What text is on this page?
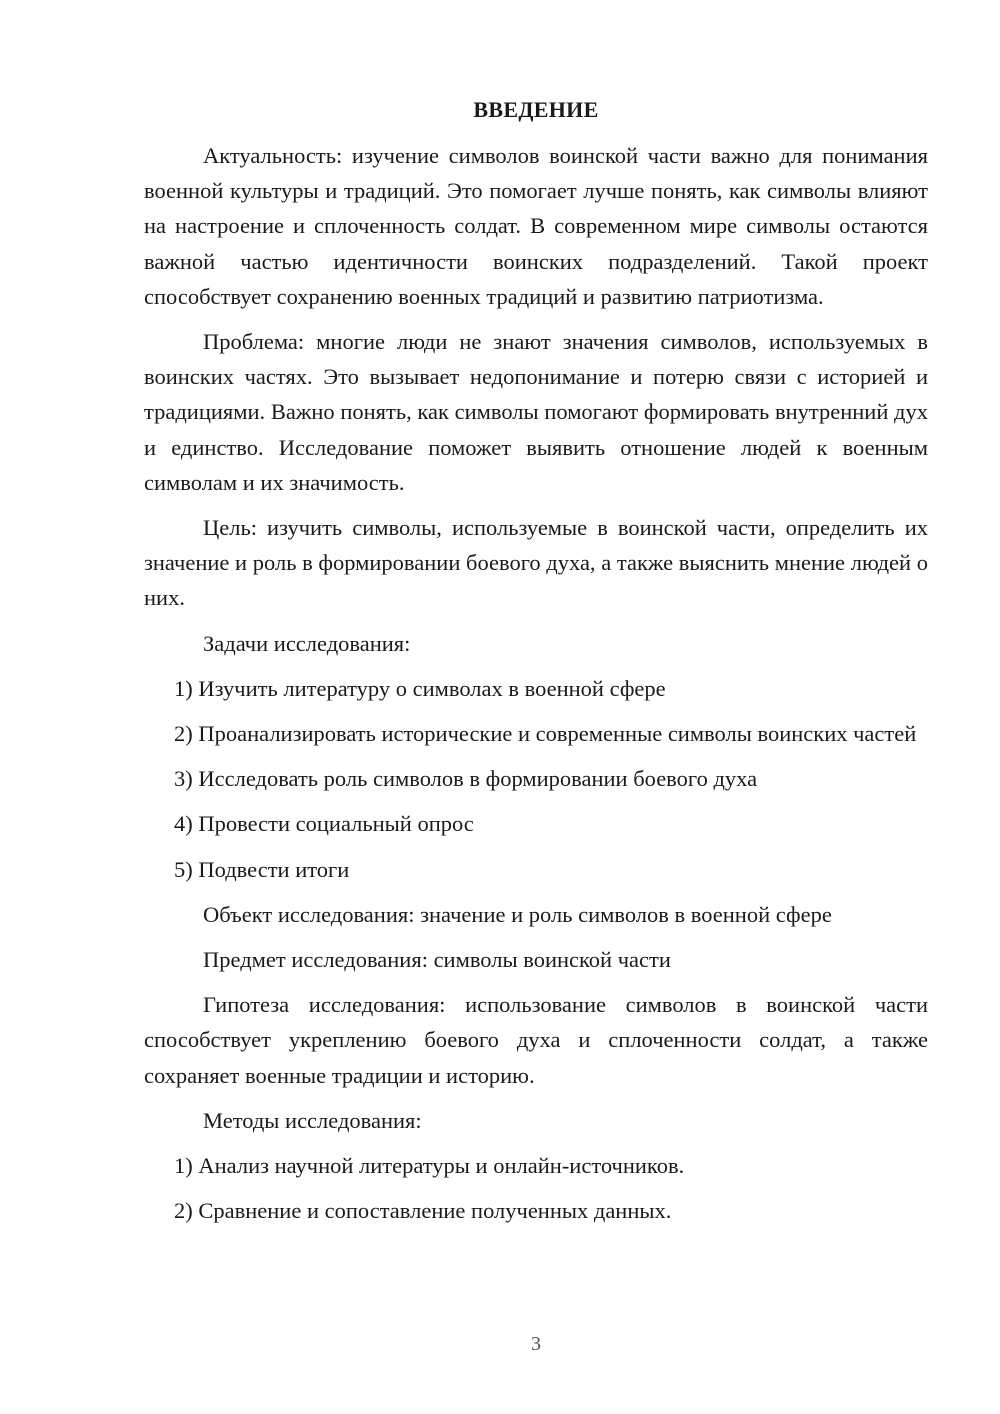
ВВЕДЕНИЕ

Актуальность: изучение символов воинской части важно для понимания военной культуры и традиций. Это помогает лучше понять, как символы влияют на настроение и сплоченность солдат. В современном мире символы остаются важной частью идентичности воинских подразделений. Такой проект способствует сохранению военных традиций и развитию патриотизма.

Проблема: многие люди не знают значения символов, используемых в воинских частях. Это вызывает недопонимание и потерю связи с историей и традициями. Важно понять, как символы помогают формировать внутренний дух и единство. Исследование поможет выявить отношение людей к военным символам и их значимость.

Цель: изучить символы, используемые в воинской части, определить их значение и роль в формировании боевого духа, а также выяснить мнение людей о них.

Задачи исследования:

1) Изучить литературу о символах в военной сфере

2) Проанализировать исторические и современные символы воинских частей

3) Исследовать роль символов в формировании боевого духа

4) Провести социальный опрос

5) Подвести итоги

Объект исследования: значение и роль символов в военной сфере

Предмет исследования: символы воинской части

Гипотеза исследования: использование символов в воинской части способствует укреплению боевого духа и сплоченности солдат, а также сохраняет военные традиции и историю.

Методы исследования:

1) Анализ научной литературы и онлайн-источников.

2) Сравнение и сопоставление полученных данных.

3
